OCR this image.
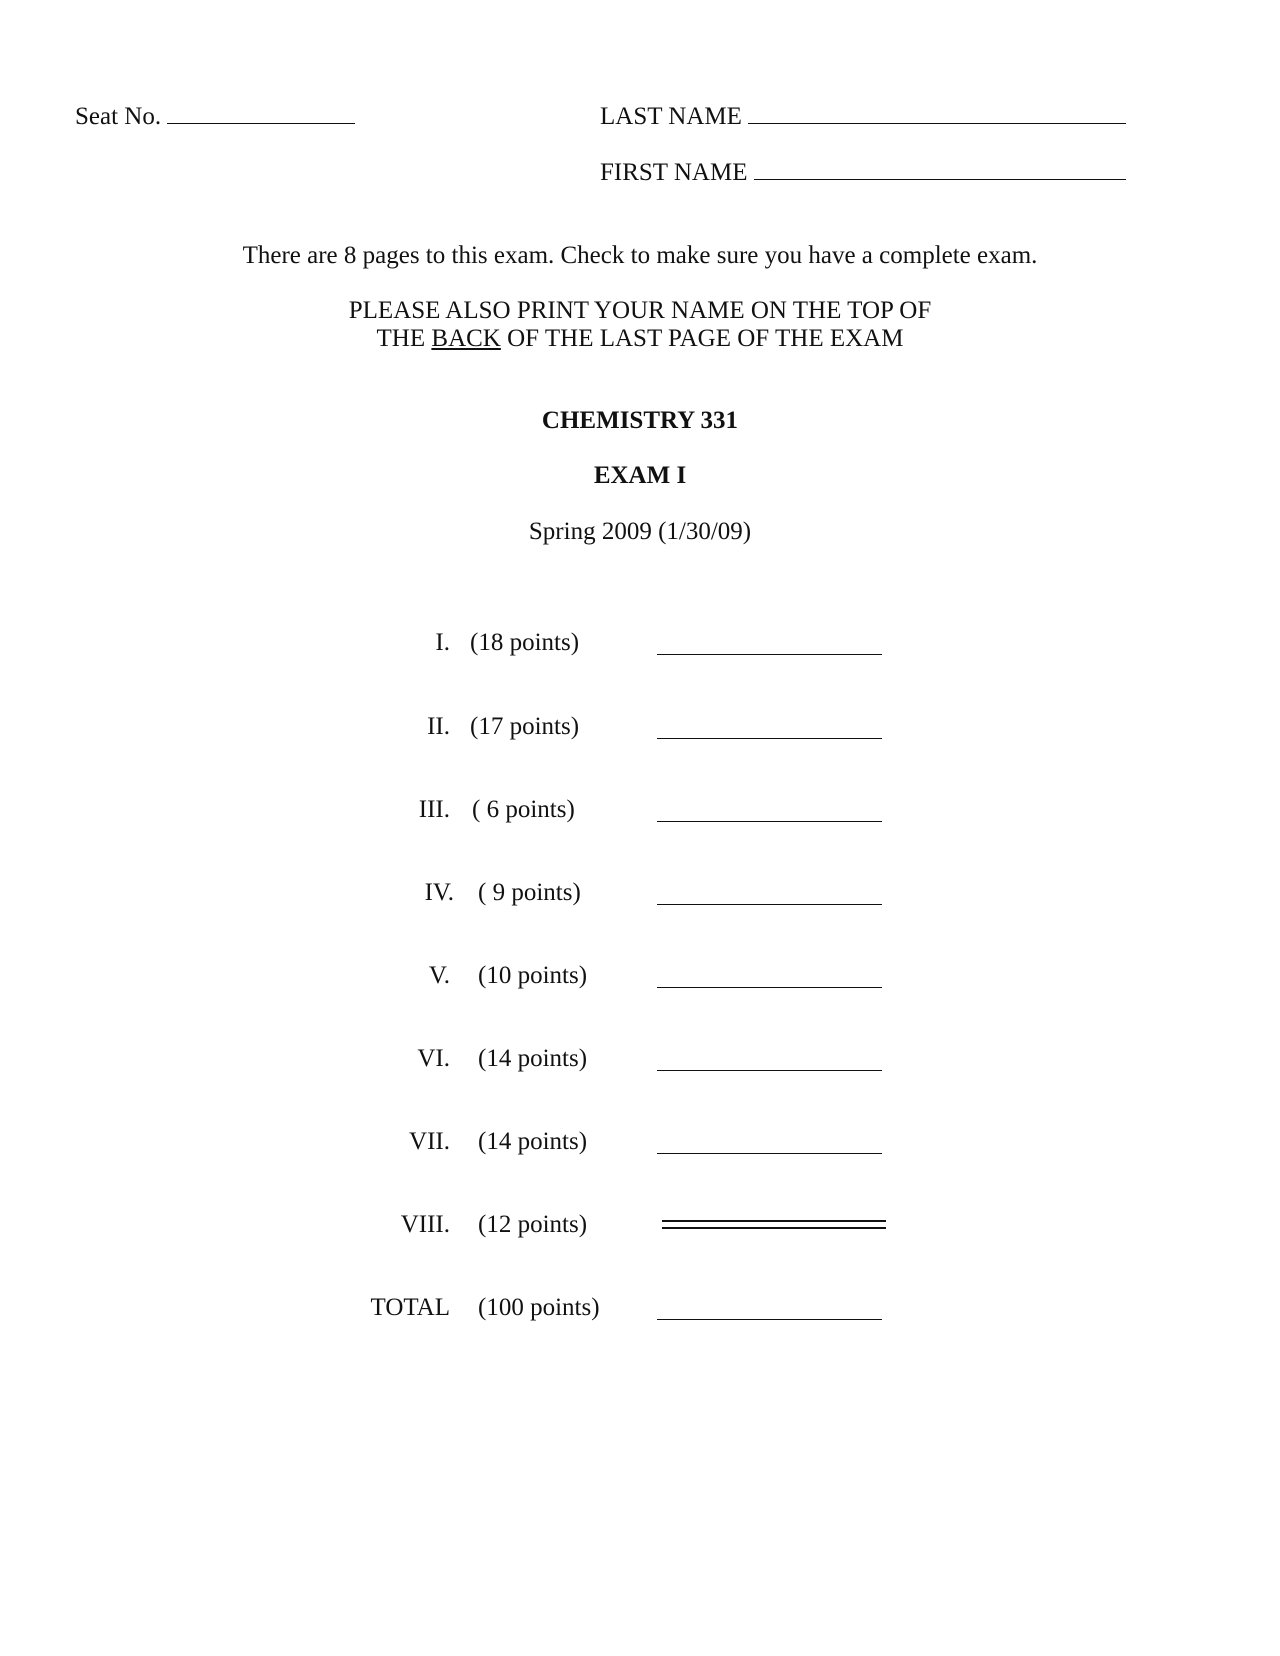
Seat No.	LAST NAME
FIRST NAME
There are 8 pages to this exam. Check to make sure you have a complete exam.
PLEASE ALSO PRINT YOUR NAME ON THE TOP OF
THE BACK OF THE LAST PAGE OF THE EXAM
CHEMISTRY 331
EXAM I
Spring 2009 (1/30/09)
I. (18 points)
II. (17 points)
III. ( 6 points)
IV. ( 9 points)
V. (10 points)
VI. (14 points)
VII. (14 points)
VIII. (12 points)
TOTAL (100 points)
